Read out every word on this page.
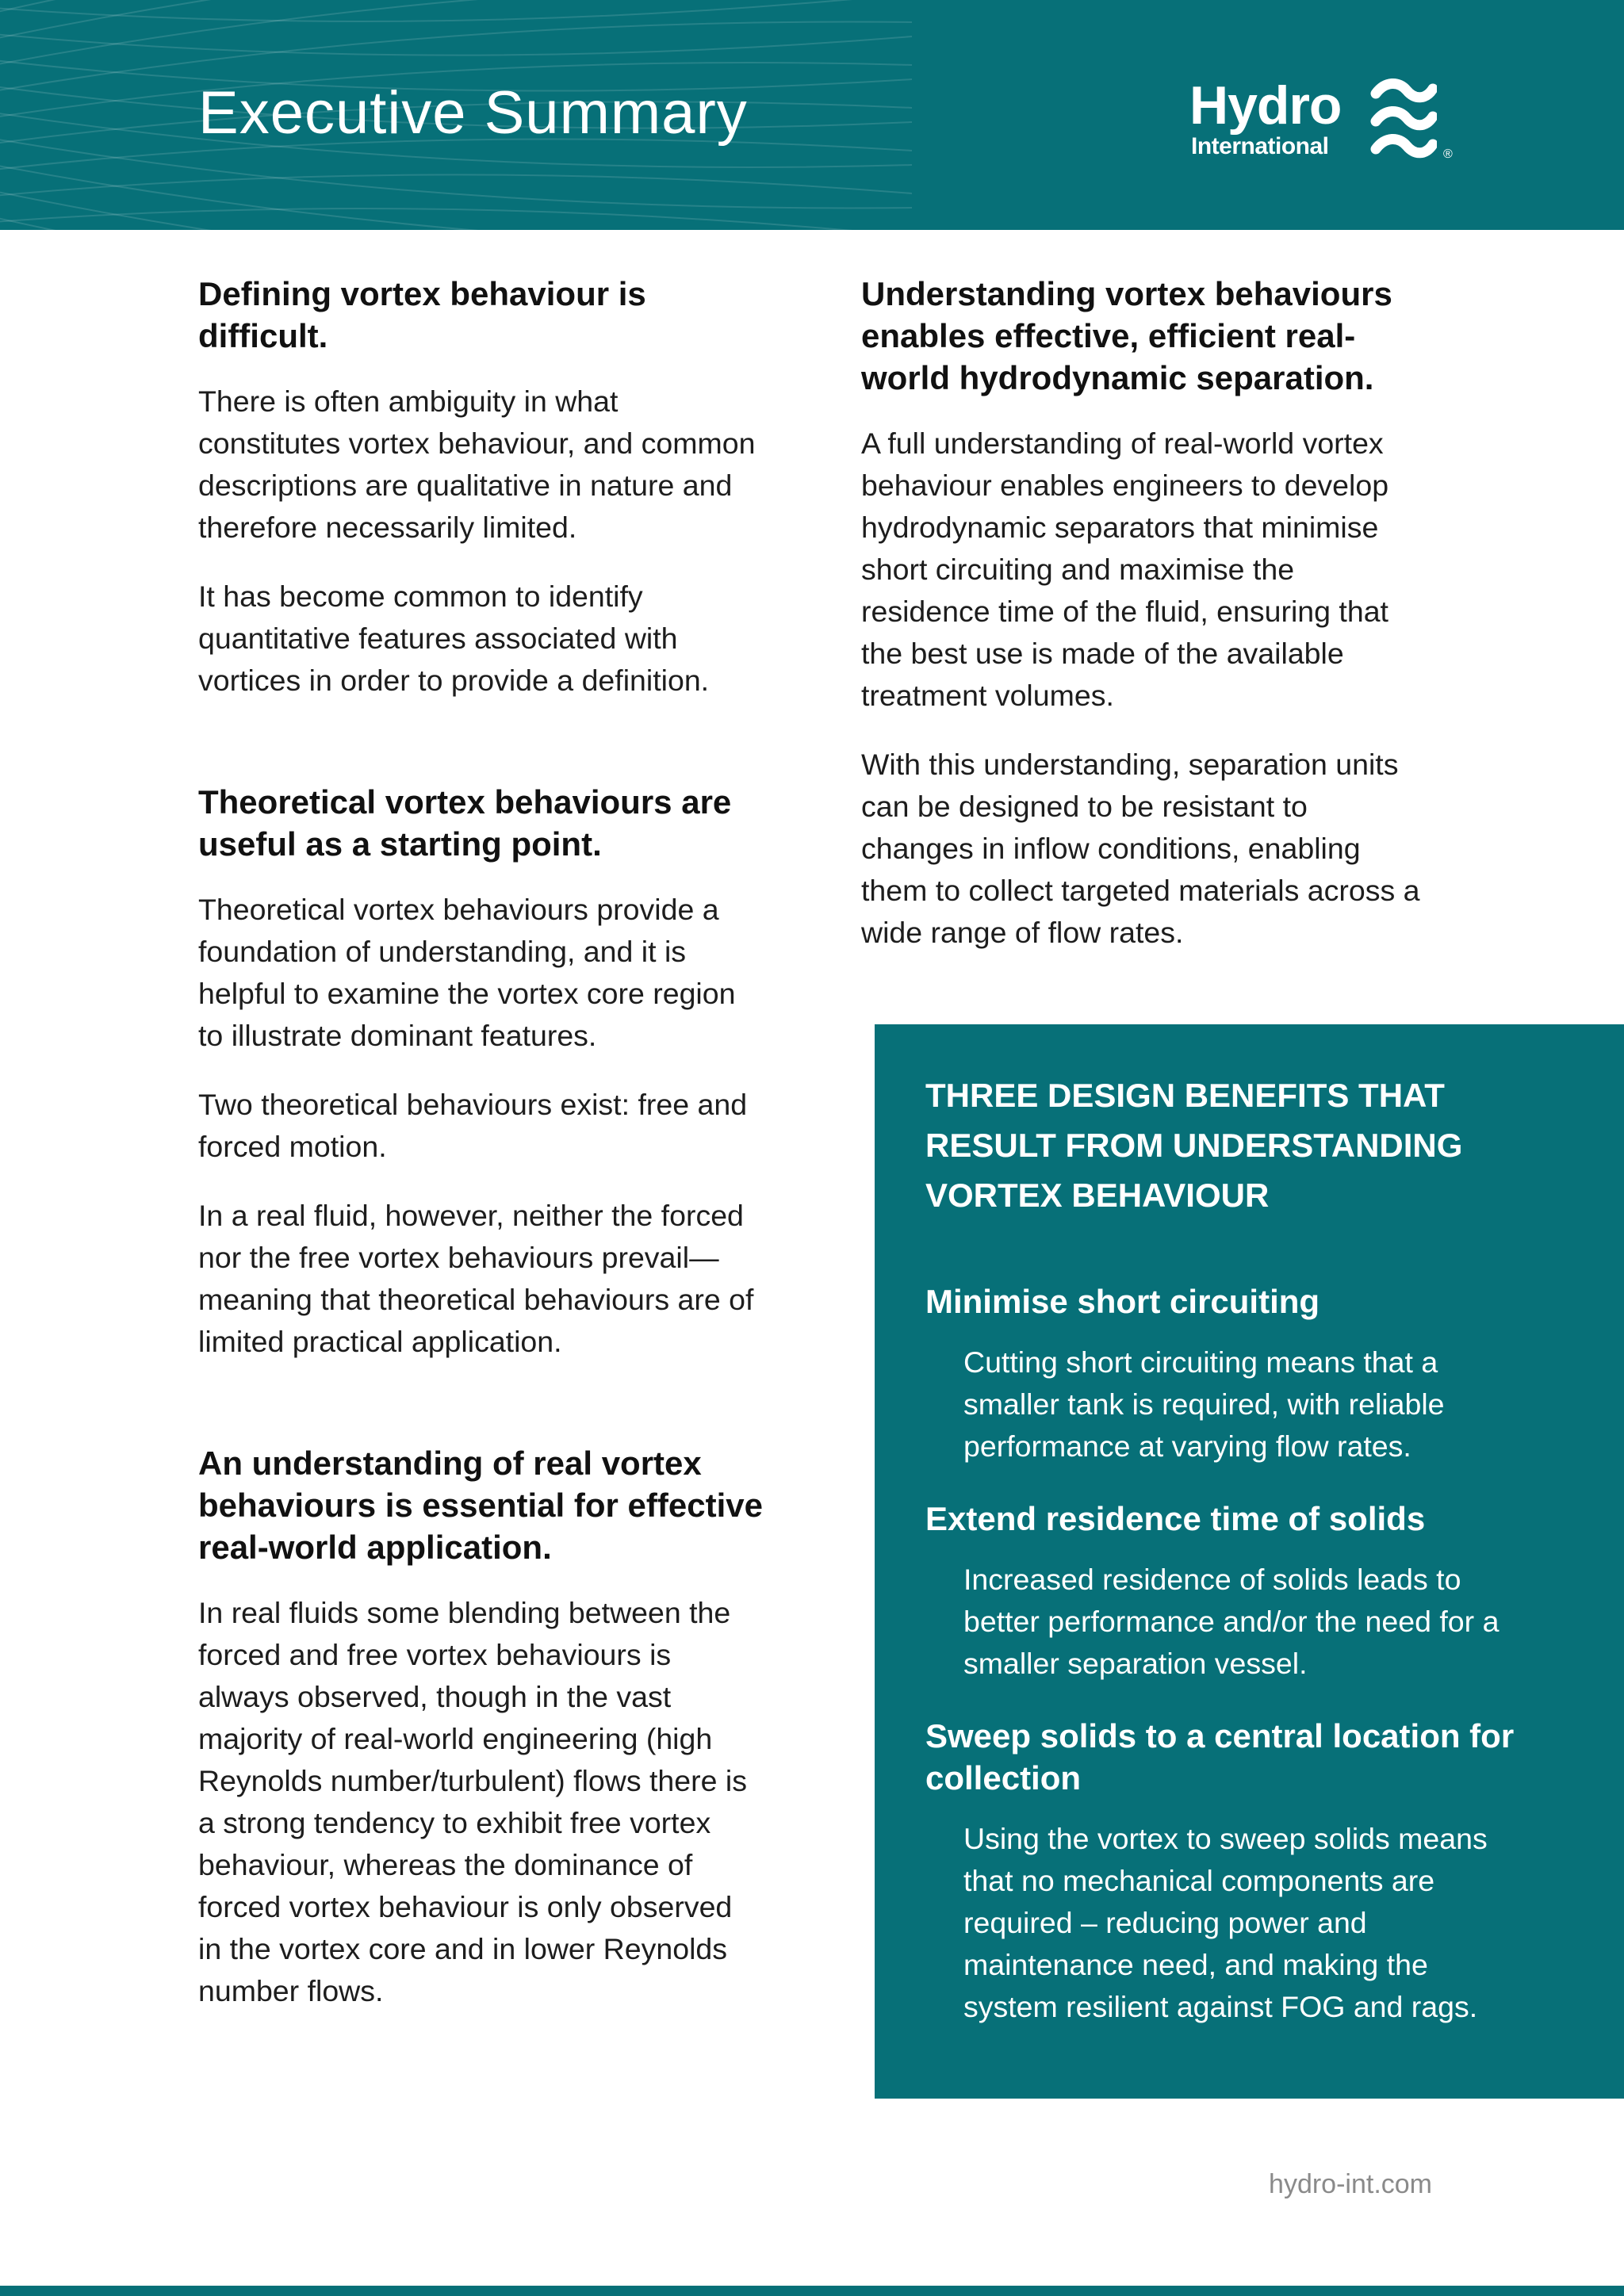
Executive Summary	Hydro
International	®
Defining vortex behaviour is difficult.

There is often ambiguity in what constitutes vortex behaviour, and common descriptions are qualitative in nature and therefore necessarily limited.

It has become common to identify quantitative features associated with vortices in order to provide a definition.

Theoretical vortex behaviours are useful as a starting point.

Theoretical vortex behaviours provide a foundation of understanding, and it is helpful to examine the vortex core region to illustrate dominant features.

Two theoretical behaviours exist: free and forced motion.

In a real fluid, however, neither the forced nor the free vortex behaviours prevail—meaning that theoretical behaviours are of limited practical application.

An understanding of real vortex behaviours is essential for effective real-world application.

In real fluids some blending between the forced and free vortex behaviours is always observed, though in the vast majority of real-world engineering (high Reynolds number/turbulent) flows there is a strong tendency to exhibit free vortex behaviour, whereas the dominance of forced vortex behaviour is only observed in the vortex core and in lower Reynolds number flows.

Understanding vortex behaviours enables effective, efficient real-world hydrodynamic separation.

A full understanding of real-world vortex behaviour enables engineers to develop hydrodynamic separators that minimise short circuiting and maximise the residence time of the fluid, ensuring that the best use is made of the available treatment volumes.

With this understanding, separation units can be designed to be resistant to changes in inflow conditions, enabling them to collect targeted materials across a wide range of flow rates.

THREE DESIGN BENEFITS THAT RESULT FROM UNDERSTANDING VORTEX BEHAVIOUR
Minimise short circuiting

Cutting short circuiting means that a smaller tank is required, with reliable performance at varying flow rates.

Extend residence time of solids

Increased residence of solids leads to better performance and/or the need for a smaller separation vessel.

Sweep solids to a central location for collection

Using the vortex to sweep solids means that no mechanical components are required – reducing power and maintenance need, and making the system resilient against FOG and rags.

hydro-int.com
